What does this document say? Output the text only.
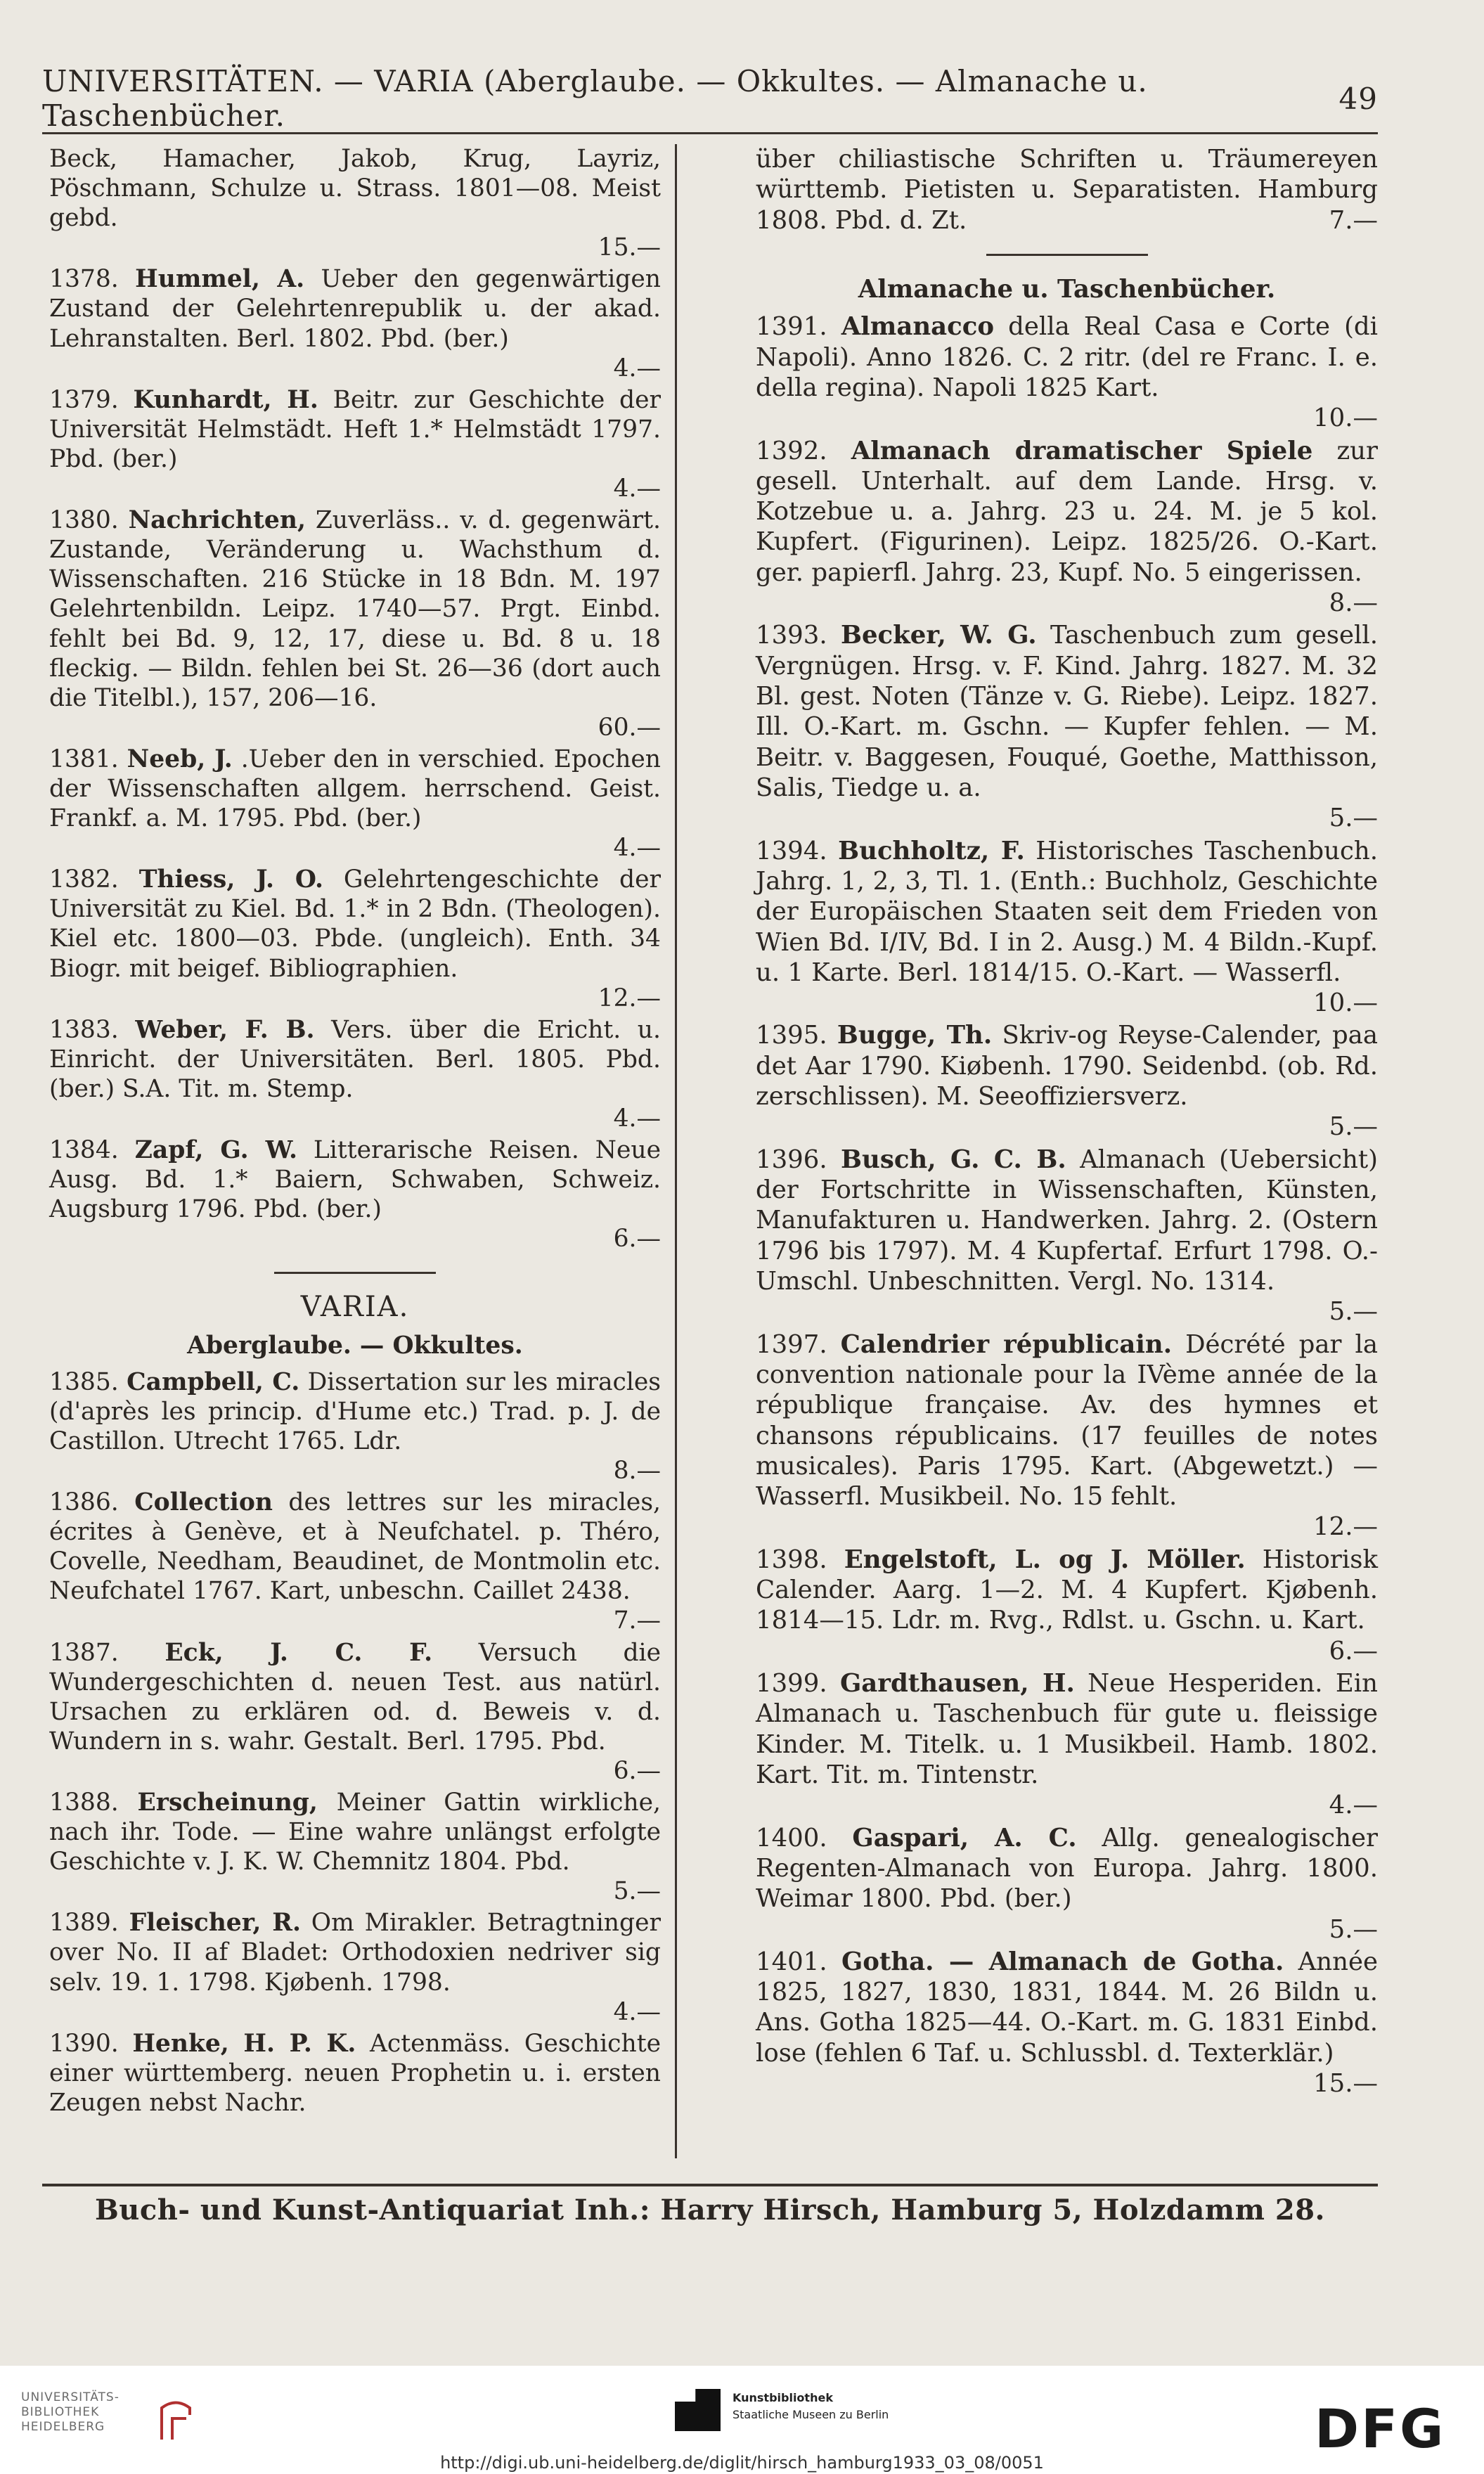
UNIVERSITÄTEN. — VARIA (Aberglaube. — Okkultes. — Almanache u. Taschenbücher.	49
Beck, Hamacher, Jakob, Krug, Layriz, Pöschmann, Schulze u. Strass. 1801—08. Meist gebd.
15.—
1378. Hummel, A. Ueber den gegenwärtigen Zustand der Gelehrtenrepublik u. der akad. Lehranstalten. Berl. 1802. Pbd. (ber.)
4.—
1379. Kunhardt, H. Beitr. zur Geschichte der Universität Helmstädt. Heft 1.* Helmstädt 1797. Pbd. (ber.)
4.—
1380. Nachrichten, Zuverläss.. v. d. gegenwärt. Zustande, Veränderung u. Wachsthum d. Wissenschaften. 216 Stücke in 18 Bdn. M. 197 Gelehrtenbildn. Leipz. 1740—57. Prgt. Einbd. fehlt bei Bd. 9, 12, 17, diese u. Bd. 8 u. 18 fleckig. — Bildn. fehlen bei St. 26—36 (dort auch die Titelbl.), 157, 206—16.
60.—
1381. Neeb, J. .Ueber den in verschied. Epochen der Wissenschaften allgem. herrschend. Geist. Frankf. a. M. 1795. Pbd. (ber.)
4.—
1382. Thiess, J. O. Gelehrtengeschichte der Universität zu Kiel. Bd. 1.* in 2 Bdn. (Theologen). Kiel etc. 1800—03. Pbde. (ungleich). Enth. 34 Biogr. mit beigef. Bibliographien.
12.—
1383. Weber, F. B. Vers. über die Ericht. u. Einricht. der Universitäten. Berl. 1805. Pbd. (ber.) S.A. Tit. m. Stemp.
4.—
1384. Zapf, G. W. Litterarische Reisen. Neue Ausg. Bd. 1.* Baiern, Schwaben, Schweiz. Augsburg 1796. Pbd. (ber.)
6.—
VARIA.
Aberglaube. — Okkultes.
1385. Campbell, C. Dissertation sur les miracles (d'après les princip. d'Hume etc.) Trad. p. J. de Castillon. Utrecht 1765. Ldr.
8.—
1386. Collection des lettres sur les miracles, écrites à Genève, et à Neufchatel. p. Théro, Covelle, Needham, Beaudinet, de Montmolin etc. Neufchatel 1767. Kart, unbeschn. Caillet 2438.
7.—
1387. Eck, J. C. F. Versuch die Wundergeschichten d. neuen Test. aus natürl. Ursachen zu erklären od. d. Beweis v. d. Wundern in s. wahr. Gestalt. Berl. 1795. Pbd.
6.—
1388. Erscheinung, Meiner Gattin wirkliche, nach ihr. Tode. — Eine wahre unlängst erfolgte Geschichte v. J. K. W. Chemnitz 1804. Pbd.
5.—
1389. Fleischer, R. Om Mirakler. Betragtninger over No. II af Bladet: Orthodoxien nedriver sig selv. 19. 1. 1798. Kjøbenh. 1798.
4.—
1390. Henke, H. P. K. Actenmäss. Geschichte einer württemberg. neuen Prophetin u. i. ersten Zeugen nebst Nachr.
über chiliastische Schriften u. Träumereyen württemb. Pietisten u. Separatisten. Hamburg 1808. Pbd. d. Zt.	7.—
Almanache u. Taschenbücher.
1391. Almanacco della Real Casa e Corte (di Napoli). Anno 1826. C. 2 ritr. (del re Franc. I. e. della regina). Napoli 1825 Kart.
10.—
1392. Almanach dramatischer Spiele zur gesell. Unterhalt. auf dem Lande. Hrsg. v. Kotzebue u. a. Jahrg. 23 u. 24. M. je 5 kol. Kupfert. (Figurinen). Leipz. 1825/26. O.-Kart. ger. papierfl. Jahrg. 23, Kupf. No. 5 eingerissen.
8.—
1393. Becker, W. G. Taschenbuch zum gesell. Vergnügen. Hrsg. v. F. Kind. Jahrg. 1827. M. 32 Bl. gest. Noten (Tänze v. G. Riebe). Leipz. 1827. Ill. O.-Kart. m. Gschn. — Kupfer fehlen. — M. Beitr. v. Baggesen, Fouqué, Goethe, Matthisson, Salis, Tiedge u. a.
5.—
1394. Buchholtz, F. Historisches Taschenbuch. Jahrg. 1, 2, 3, Tl. 1. (Enth.: Buchholz, Geschichte der Europäischen Staaten seit dem Frieden von Wien Bd. I/IV, Bd. I in 2. Ausg.) M. 4 Bildn.-Kupf. u. 1 Karte. Berl. 1814/15. O.-Kart. — Wasserfl.
10.—
1395. Bugge, Th. Skriv-og Reyse-Calender, paa det Aar 1790. Kiøbenh. 1790. Seidenbd. (ob. Rd. zerschlissen). M. Seeoffiziersverz.
5.—
1396. Busch, G. C. B. Almanach (Uebersicht) der Fortschritte in Wissenschaften, Künsten, Manufakturen u. Handwerken. Jahrg. 2. (Ostern 1796 bis 1797). M. 4 Kupfertaf. Erfurt 1798. O.-Umschl. Unbeschnitten. Vergl. No. 1314.
5.—
1397. Calendrier républicain. Décrété par la convention nationale pour la IVème année de la république française. Av. des hymnes et chansons républicains. (17 feuilles de notes musicales). Paris 1795. Kart. (Abgewetzt.) — Wasserfl. Musikbeil. No. 15 fehlt.
12.—
1398. Engelstoft, L. og J. Möller. Historisk Calender. Aarg. 1—2. M. 4 Kupfert. Kjøbenh. 1814—15. Ldr. m. Rvg., Rdlst. u. Gschn. u. Kart.
6.—
1399. Gardthausen, H. Neue Hesperiden. Ein Almanach u. Taschenbuch für gute u. fleissige Kinder. M. Titelk. u. 1 Musikbeil. Hamb. 1802. Kart. Tit. m. Tintenstr.
4.—
1400. Gaspari, A. C. Allg. genealogischer Regenten-Almanach von Europa. Jahrg. 1800. Weimar 1800. Pbd. (ber.)
5.—
1401. Gotha. — Almanach de Gotha. Année 1825, 1827, 1830, 1831, 1844. M. 26 Bildn u. Ans. Gotha 1825—44. O.-Kart. m. G. 1831 Einbd. lose (fehlen 6 Taf. u. Schlussbl. d. Texterklär.)
15.—
Buch- und Kunst-Antiquariat Inh.: Harry Hirsch, Hamburg 5, Holzdamm 28.
UNIVERSITÄTS-
BIBLIOTHEK
HEIDELBERG
Kunstbibliothek
Staatliche Museen zu Berlin	DFG
http://digi.ub.uni-heidelberg.de/diglit/hirsch_hamburg1933_03_08/0051
